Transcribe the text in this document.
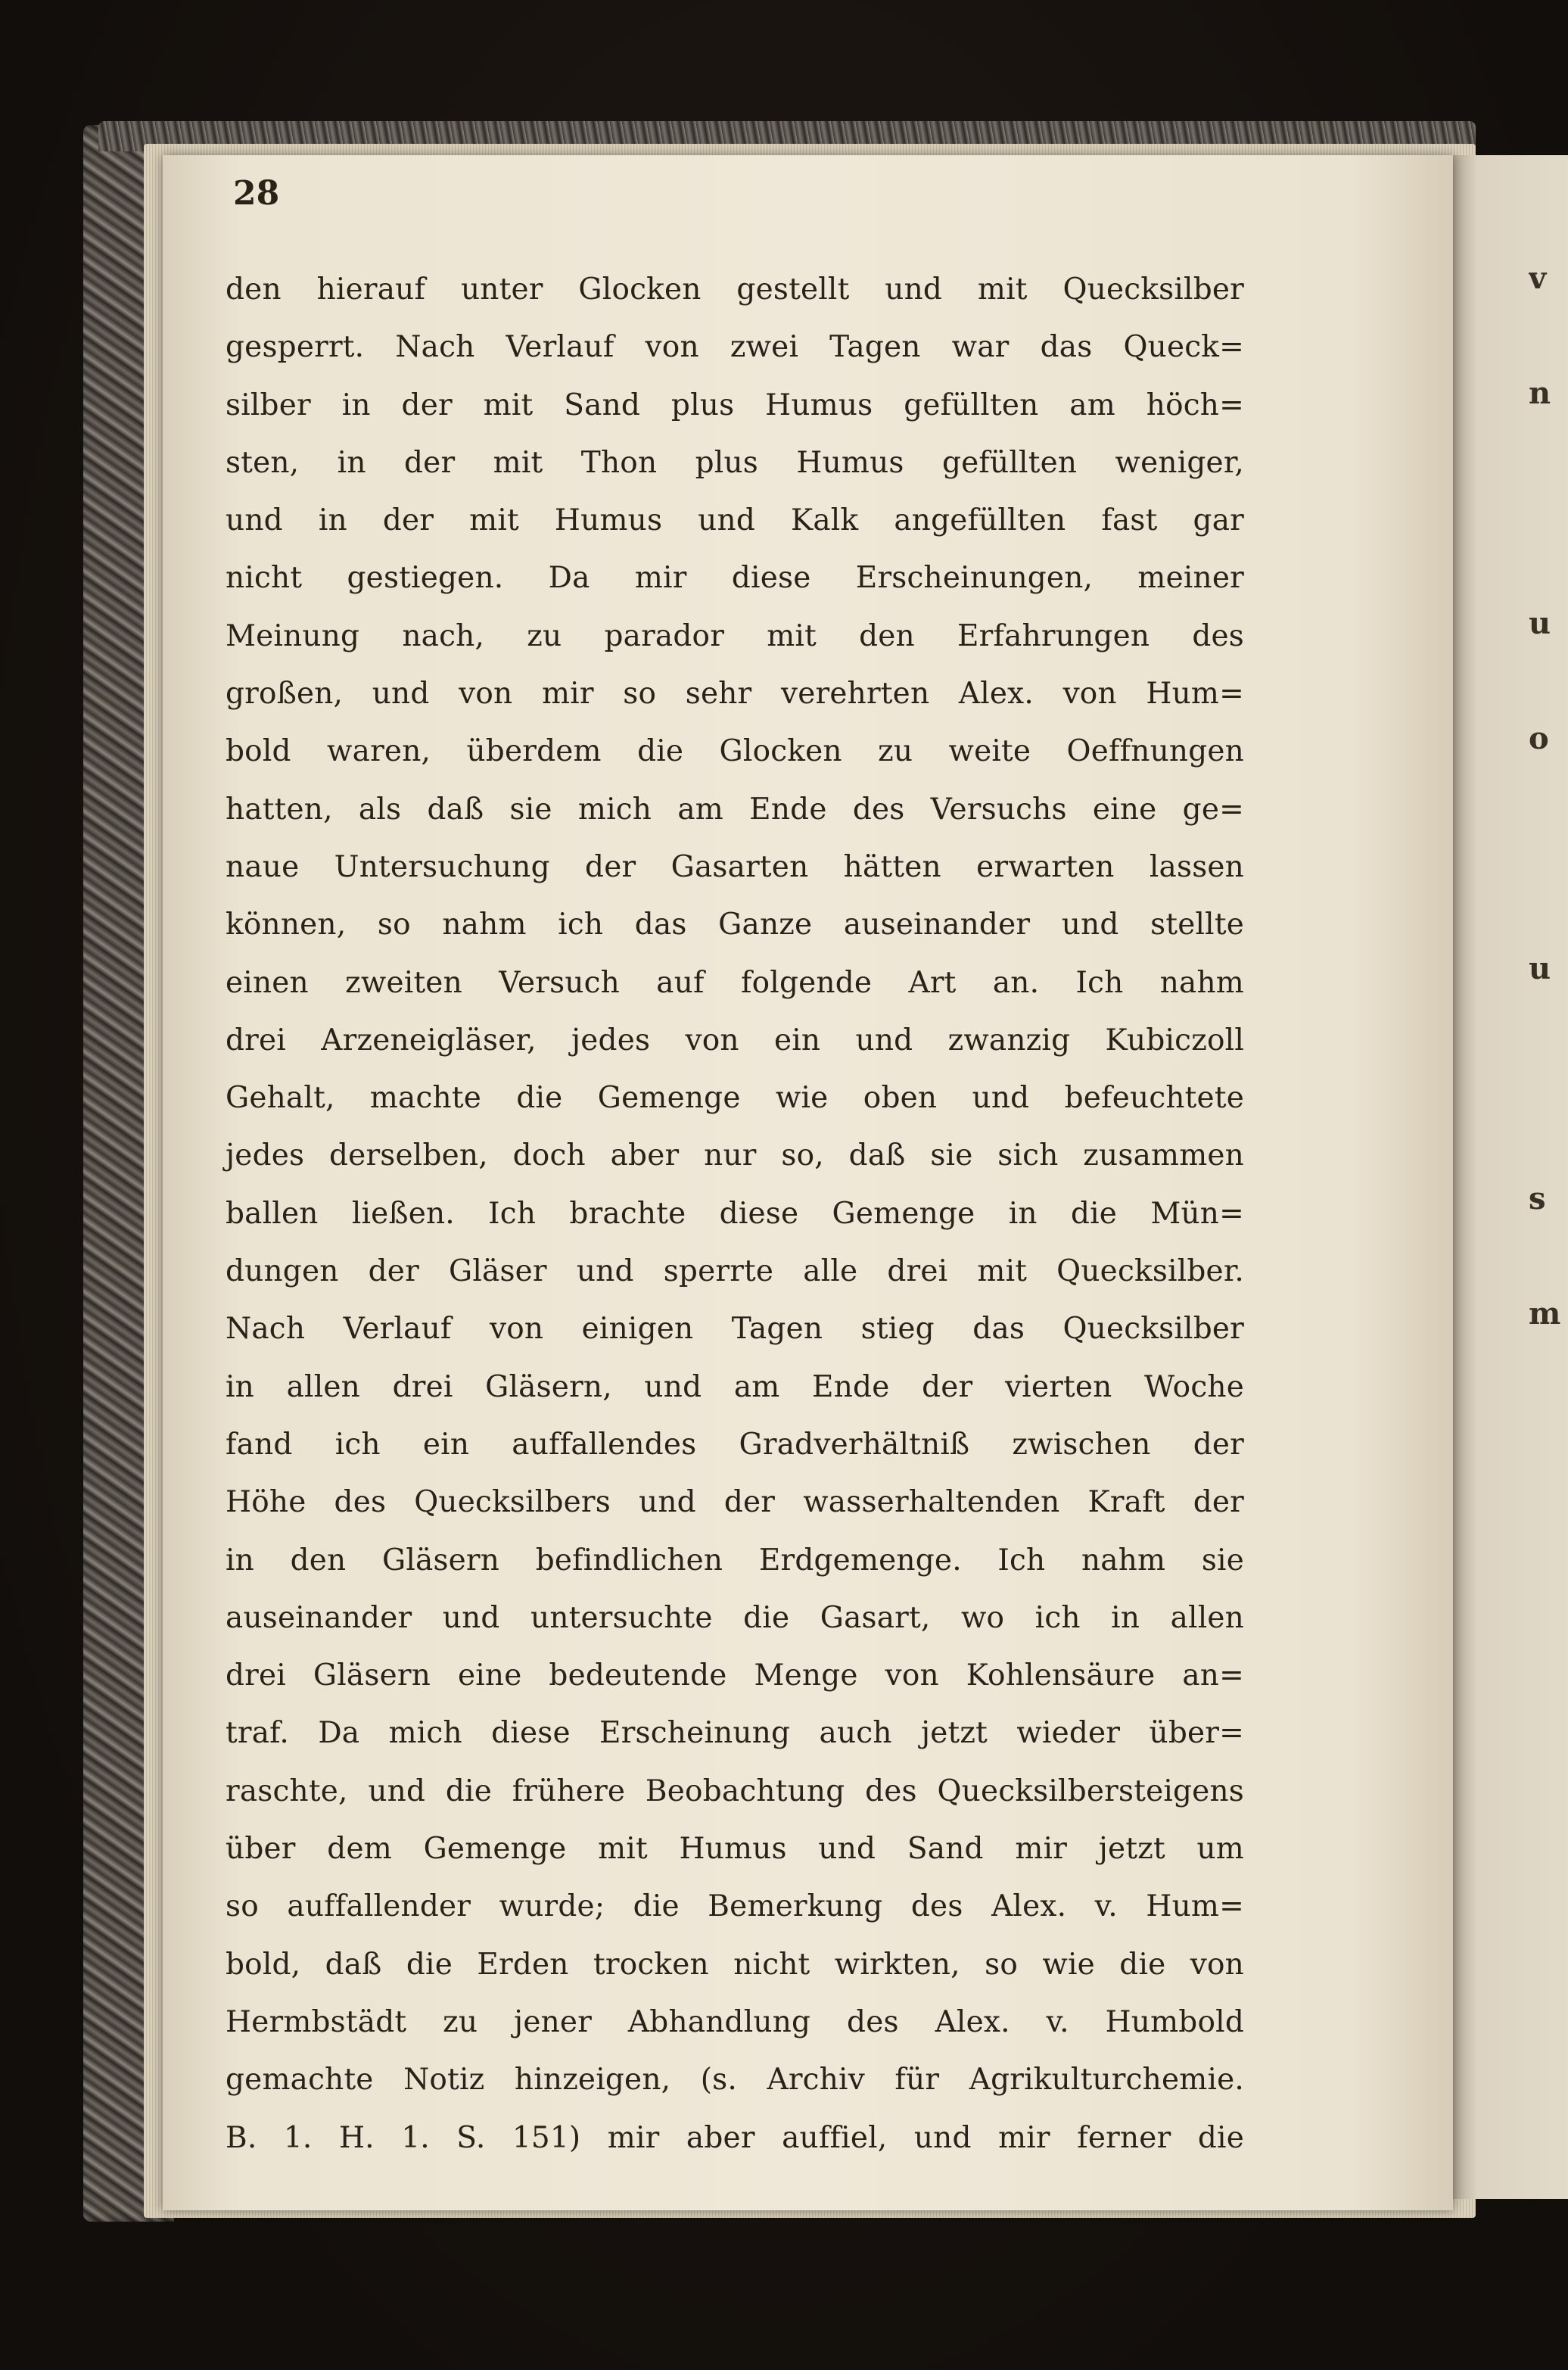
v
n
u
o
u
s
m
28
den hierauf unter Glocken gestellt und mit Quecksilber
gesperrt. Nach Verlauf von zwei Tagen war das Queck=
silber in der mit Sand plus Humus gefüllten am höch=
sten, in der mit Thon plus Humus gefüllten weniger,
und in der mit Humus und Kalk angefüllten fast gar
nicht gestiegen. Da mir diese Erscheinungen, meiner
Meinung nach, zu parador mit den Erfahrungen des
großen, und von mir so sehr verehrten Alex. von Hum=
bold waren, überdem die Glocken zu weite Oeffnungen
hatten, als daß sie mich am Ende des Versuchs eine ge=
naue Untersuchung der Gasarten hätten erwarten lassen
können, so nahm ich das Ganze auseinander und stellte
einen zweiten Versuch auf folgende Art an. Ich nahm
drei Arzeneigläser, jedes von ein und zwanzig Kubiczoll
Gehalt, machte die Gemenge wie oben und befeuchtete
jedes derselben, doch aber nur so, daß sie sich zusammen
ballen ließen. Ich brachte diese Gemenge in die Mün=
dungen der Gläser und sperrte alle drei mit Quecksilber.
Nach Verlauf von einigen Tagen stieg das Quecksilber
in allen drei Gläsern, und am Ende der vierten Woche
fand ich ein auffallendes Gradverhältniß zwischen der
Höhe des Quecksilbers und der wasserhaltenden Kraft der
in den Gläsern befindlichen Erdgemenge. Ich nahm sie
auseinander und untersuchte die Gasart, wo ich in allen
drei Gläsern eine bedeutende Menge von Kohlensäure an=
traf. Da mich diese Erscheinung auch jetzt wieder über=
raschte, und die frühere Beobachtung des Quecksilbersteigens
über dem Gemenge mit Humus und Sand mir jetzt um
so auffallender wurde; die Bemerkung des Alex. v. Hum=
bold, daß die Erden trocken nicht wirkten, so wie die von
Hermbstädt zu jener Abhandlung des Alex. v. Humbold
gemachte Notiz hinzeigen, (s. Archiv für Agrikulturchemie.
B. 1. H. 1. S. 151) mir aber auffiel, und mir ferner die
